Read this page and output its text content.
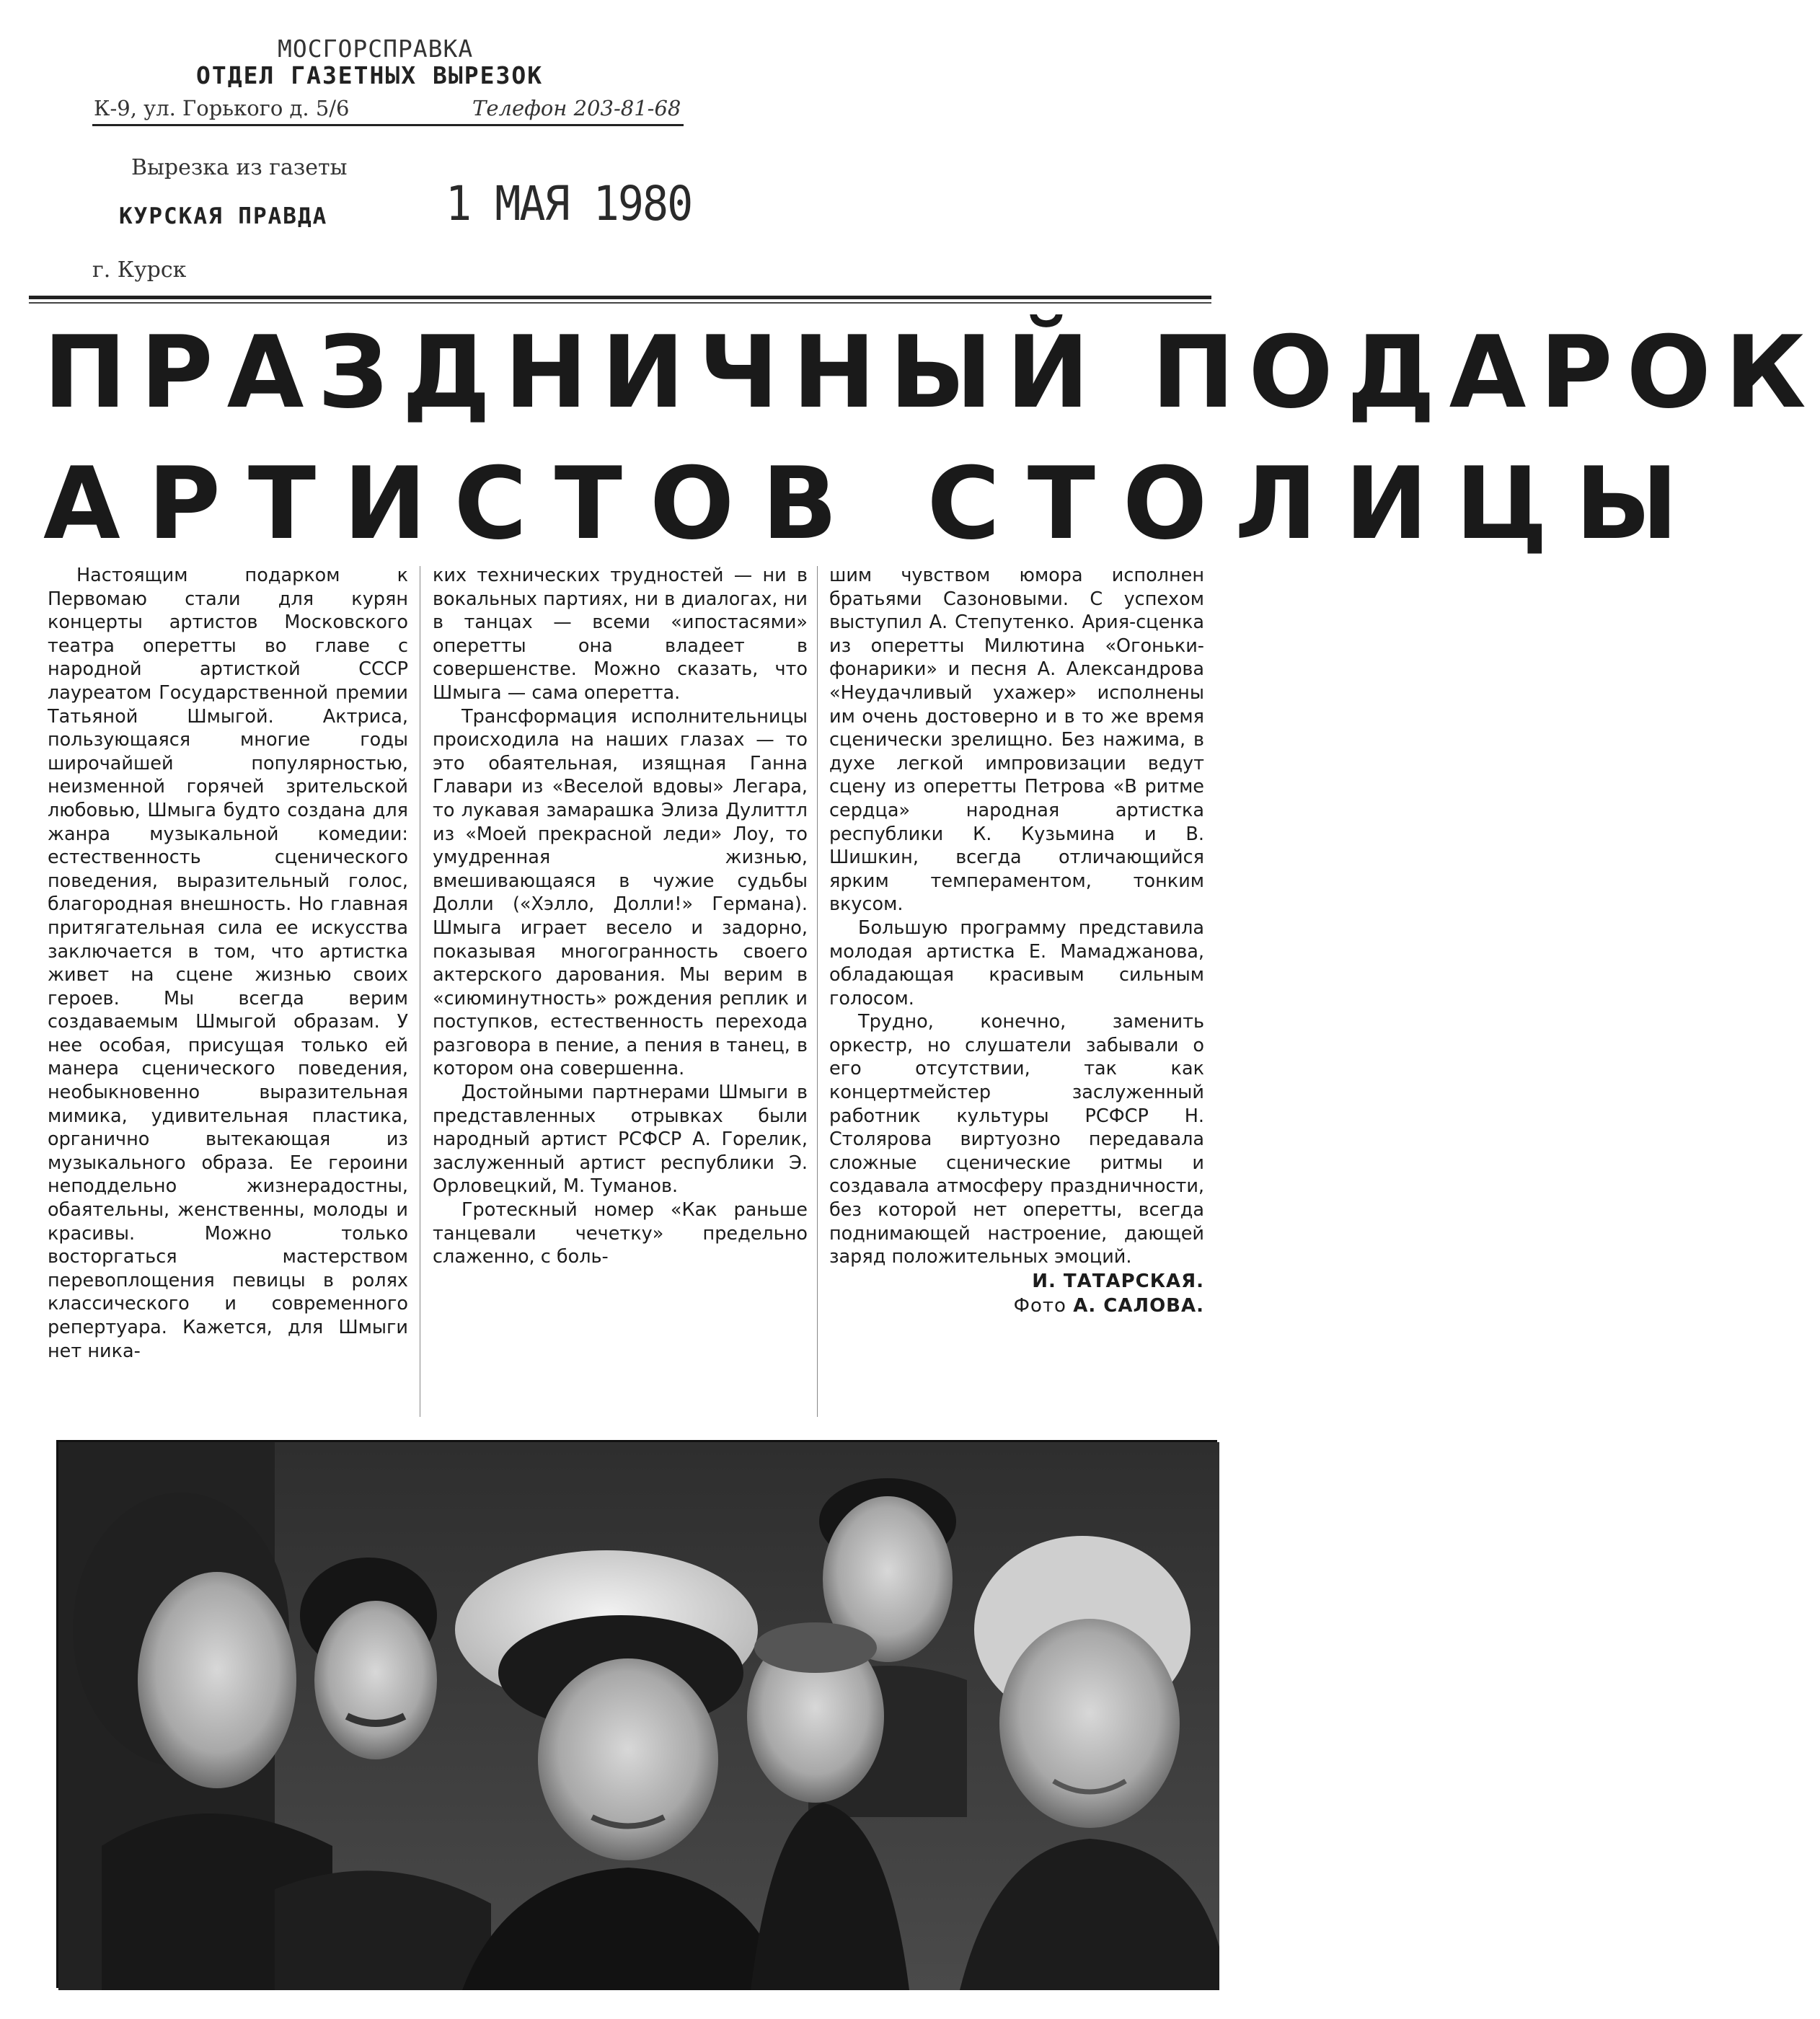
МОСГОРСПРАВКА
ОТДЕЛ ГАЗЕТНЫХ ВЫРЕЗОК
К-9, ул. Горького д. 5/6	Телефон 203-81-68
Вырезка из газеты
КУРСКАЯ ПРАВДА	1 МАЯ 1980
г. Курск
ПРАЗДНИЧНЫЙ ПОДАРОК
АРТИСТОВ СТОЛИЦЫ

Настоящим подарком к Первомаю стали для курян концерты артистов Московского театра оперетты во главе с народной артисткой СССР лауреатом Государственной премии Татьяной Шмыгой. Актриса, пользующаяся многие годы широчайшей популярностью, неизменной горячей зрительской любовью, Шмыга будто создана для жанра музыкальной комедии: естественность сценического поведения, выразительный голос, благородная внешность. Но главная притягательная сила ее искусства заключается в том, что артистка живет на сцене жизнью своих героев. Мы всегда верим создаваемым Шмыгой образам. У нее особая, присущая только ей манера сценического поведения, необыкновенно выразительная мимика, удивительная пластика, органично вытекающая из музыкального образа. Ее героини неподдельно жизнерадостны, обаятельны, женственны, молоды и красивы. Можно только восторгаться мастерством перевоплощения певицы в ролях классического и современного репертуара. Кажется, для Шмыги нет ника-

ких технических трудностей — ни в вокальных партиях, ни в диалогах, ни в танцах — всеми «ипостасями» оперетты она владеет в совершенстве. Можно сказать, что Шмыга — сама оперетта.

Трансформация исполнительницы происходила на наших глазах — то это обаятельная, изящная Ганна Главари из «Веселой вдовы» Легара, то лукавая замарашка Элиза Дулиттл из «Моей прекрасной леди» Лоу, то умудренная жизнью, вмешивающаяся в чужие судьбы Долли («Хэлло, Долли!» Германа). Шмыга играет весело и задорно, показывая многогранность своего актерского дарования. Мы верим в «сиюминутность» рождения реплик и поступков, естественность перехода разговора в пение, а пения в танец, в котором она совершенна.

Достойными партнерами Шмыги в представленных отрывках были народный артист РСФСР А. Горелик, заслуженный артист республики Э. Орловецкий, М. Туманов.

Гротескный номер «Как раньше танцевали чечетку» предельно слаженно, с боль-

шим чувством юмора исполнен братьями Сазоновыми. С успехом выступил А. Степутенко. Ария-сценка из оперетты Милютина «Огоньки-фонарики» и песня А. Александрова «Неудачливый ухажер» исполнены им очень достоверно и в то же время сценически зрелищно. Без нажима, в духе легкой импровизации ведут сцену из оперетты Петрова «В ритме сердца» народная артистка республики К. Кузьмина и В. Шишкин, всегда отличающийся ярким темпераментом, тонким вкусом.

Большую программу представила молодая артистка Е. Мамаджанова, обладающая красивым сильным голосом.

Трудно, конечно, заменить оркестр, но слушатели забывали о его отсутствии, так как концертмейстер заслуженный работник культуры РСФСР Н. Столярова виртуозно передавала сложные сценические ритмы и создавала атмосферу праздничности, без которой нет оперетты, всегда поднимающей настроение, дающей заряд положительных эмоций.

И. ТАТАРСКАЯ.
Фото А. САЛОВА.
